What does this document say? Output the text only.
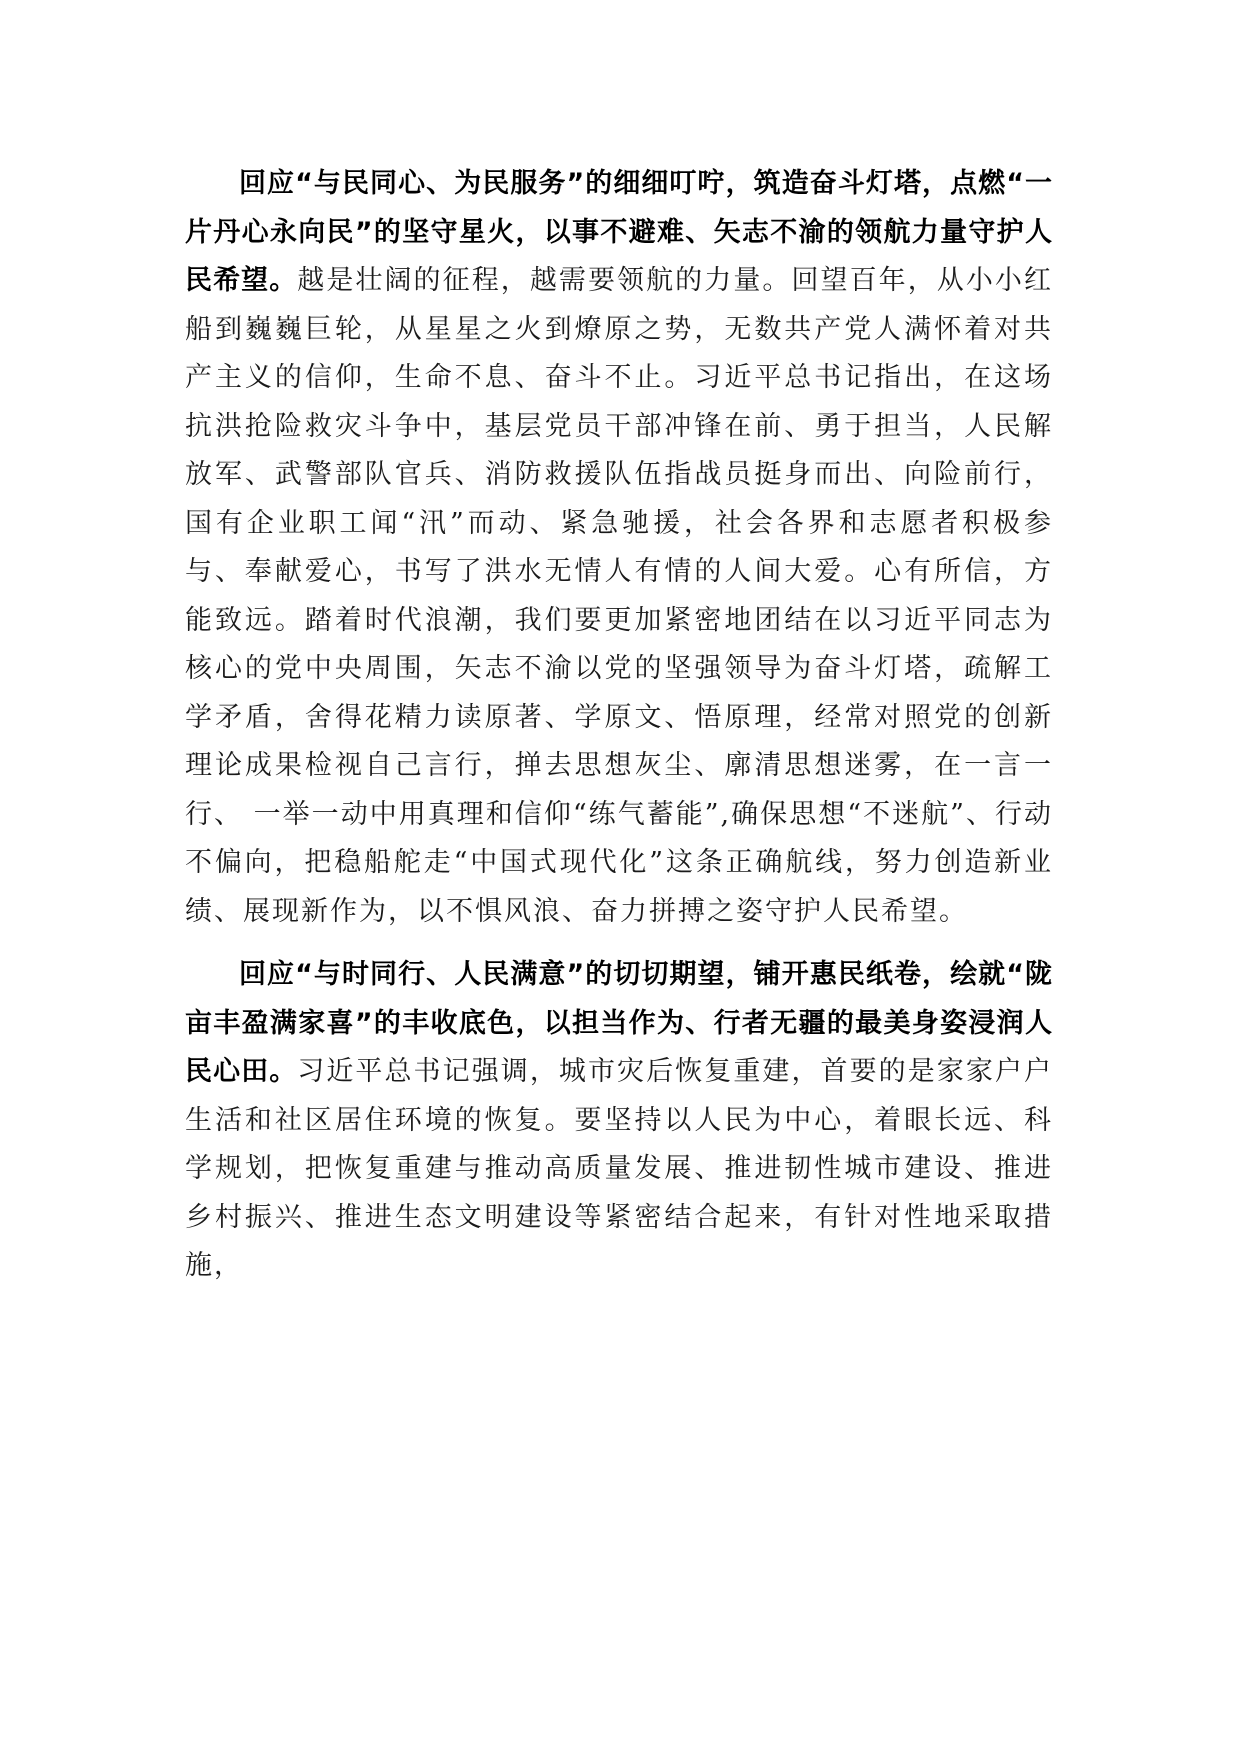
回应“与民同心、为民服务”的细细叮咛，筑造奋斗灯塔，点燃“一片丹心永向民”的坚守星火，以事不避难、矢志不渝的领航力量守护人民希望。越是壮阔的征程，越需要领航的力量。回望百年，从小小红船到巍巍巨轮，从星星之火到燎原之势，无数共产党人满怀着对共产主义的信仰，生命不息、奋斗不止。习近平总书记指出，在这场抗洪抢险救灾斗争中，基层党员干部冲锋在前、勇于担当，人民解放军、武警部队官兵、消防救援队伍指战员挺身而出、向险前行，国有企业职工闻“汛”而动、紧急驰援，社会各界和志愿者积极参与、奉献爱心，书写了洪水无情人有情的人间大爱。心有所信，方能致远。踏着时代浪潮，我们要更加紧密地团结在以习近平同志为核心的党中央周围，矢志不渝以党的坚强领导为奋斗灯塔，疏解工学矛盾，舍得花精力读原著、学原文、悟原理，经常对照党的创新理论成果检视自己言行，掸去思想灰尘、廓清思想迷雾，在一言一行、 一举一动中用真理和信仰“练气蓄能”,确保思想“不迷航”、行动不偏向，把稳船舵走“中国式现代化”这条正确航线，努力创造新业绩、展现新作为，以不惧风浪、奋力拼搏之姿守护人民希望。

回应“与时同行、人民满意”的切切期望，铺开惠民纸卷，绘就“陇亩丰盈满家喜”的丰收底色，以担当作为、行者无疆的最美身姿浸润人民心田。习近平总书记强调，城市灾后恢复重建，首要的是家家户户生活和社区居住环境的恢复。要坚持以人民为中心，着眼长远、科学规划，把恢复重建与推动高质量发展、推进韧性城市建设、推进乡村振兴、推进生态文明建设等紧密结合起来，有针对性地采取措施，
